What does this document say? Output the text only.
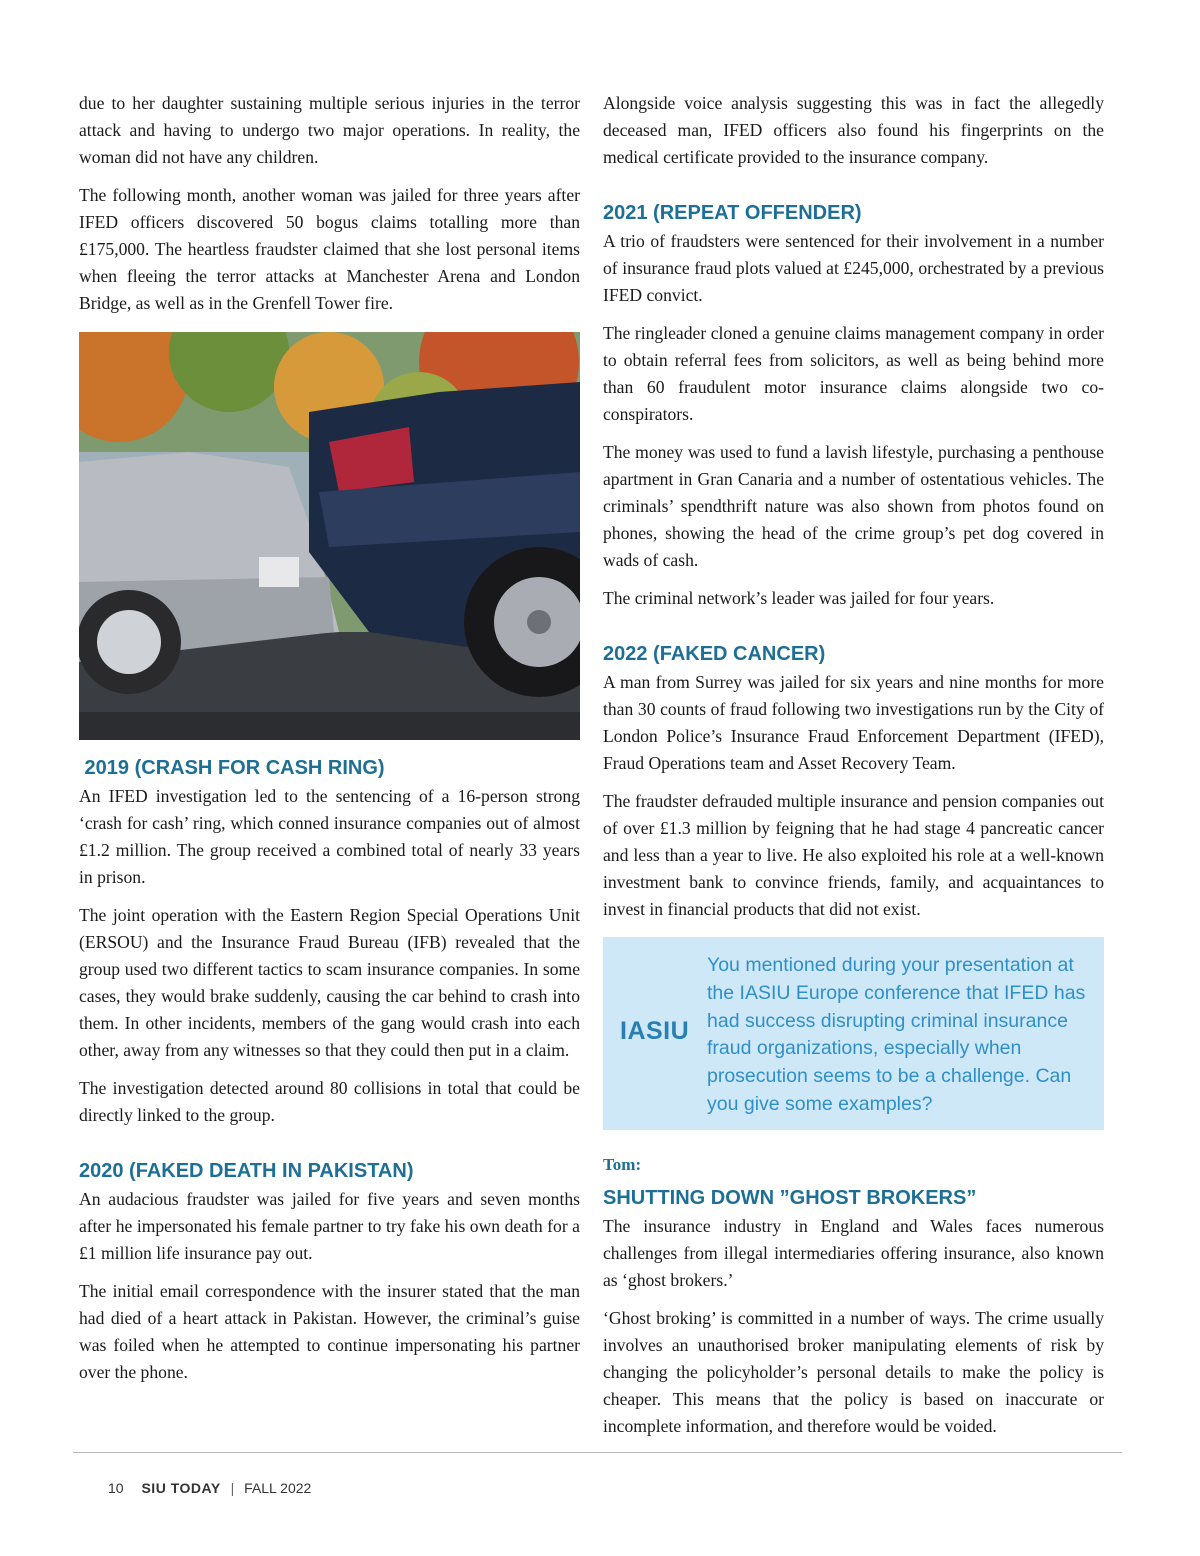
due to her daughter sustaining multiple serious injuries in the terror attack and having to undergo two major operations. In reality, the woman did not have any children.

The following month, another woman was jailed for three years after IFED officers discovered 50 bogus claims totalling more than £175,000. The heartless fraudster claimed that she lost personal items when fleeing the terror attacks at Manchester Arena and London Bridge, as well as in the Grenfell Tower fire.

2019 (CRASH FOR CASH RING)

An IFED investigation led to the sentencing of a 16-person strong ‘crash for cash’ ring, which conned insurance companies out of almost £1.2 million. The group received a combined total of nearly 33 years in prison.

The joint operation with the Eastern Region Special Operations Unit (ERSOU) and the Insurance Fraud Bureau (IFB) revealed that the group used two different tactics to scam insurance companies. In some cases, they would brake suddenly, causing the car behind to crash into them. In other incidents, members of the gang would crash into each other, away from any witnesses so that they could then put in a claim.

The investigation detected around 80 collisions in total that could be directly linked to the group.

2020 (FAKED DEATH IN PAKISTAN)

An audacious fraudster was jailed for five years and seven months after he impersonated his female partner to try fake his own death for a £1 million life insurance pay out.

The initial email correspondence with the insurer stated that the man had died of a heart attack in Pakistan. However, the criminal’s guise was foiled when he attempted to continue impersonating his partner over the phone.

Alongside voice analysis suggesting this was in fact the allegedly deceased man, IFED officers also found his fingerprints on the medical certificate provided to the insurance company.

2021 (REPEAT OFFENDER)

A trio of fraudsters were sentenced for their involvement in a number of insurance fraud plots valued at £245,000, orchestrated by a previous IFED convict.

The ringleader cloned a genuine claims management company in order to obtain referral fees from solicitors, as well as being behind more than 60 fraudulent motor insurance claims alongside two co-conspirators.

The money was used to fund a lavish lifestyle, purchasing a penthouse apartment in Gran Canaria and a number of ostentatious vehicles. The criminals’ spendthrift nature was also shown from photos found on phones, showing the head of the crime group’s pet dog covered in wads of cash.

The criminal network’s leader was jailed for four years.

2022 (FAKED CANCER)

A man from Surrey was jailed for six years and nine months for more than 30 counts of fraud following two investigations run by the City of London Police’s Insurance Fraud Enforcement Department (IFED), Fraud Operations team and Asset Recovery Team.

The fraudster defrauded multiple insurance and pension companies out of over £1.3 million by feigning that he had stage 4 pancreatic cancer and less than a year to live. He also exploited his role at a well-known investment bank to convince friends, family, and acquaintances to invest in financial products that did not exist.

IASIU
You mentioned during your presentation at the IASIU Europe conference that IFED has had success disrupting criminal insurance fraud organizations, especially when prosecution seems to be a challenge. Can you give some examples?
Tom:
SHUTTING DOWN ”GHOST BROKERS”

The insurance industry in England and Wales faces numerous challenges from illegal intermediaries offering insurance, also known as ‘ghost brokers.’

‘Ghost broking’ is committed in a number of ways. The crime usually involves an unauthorised broker manipulating elements of risk by changing the policyholder’s personal details to make the policy is cheaper. This means that the policy is based on inaccurate or incomplete information, and therefore would be voided.

10 SIU TODAY | FALL 2022
